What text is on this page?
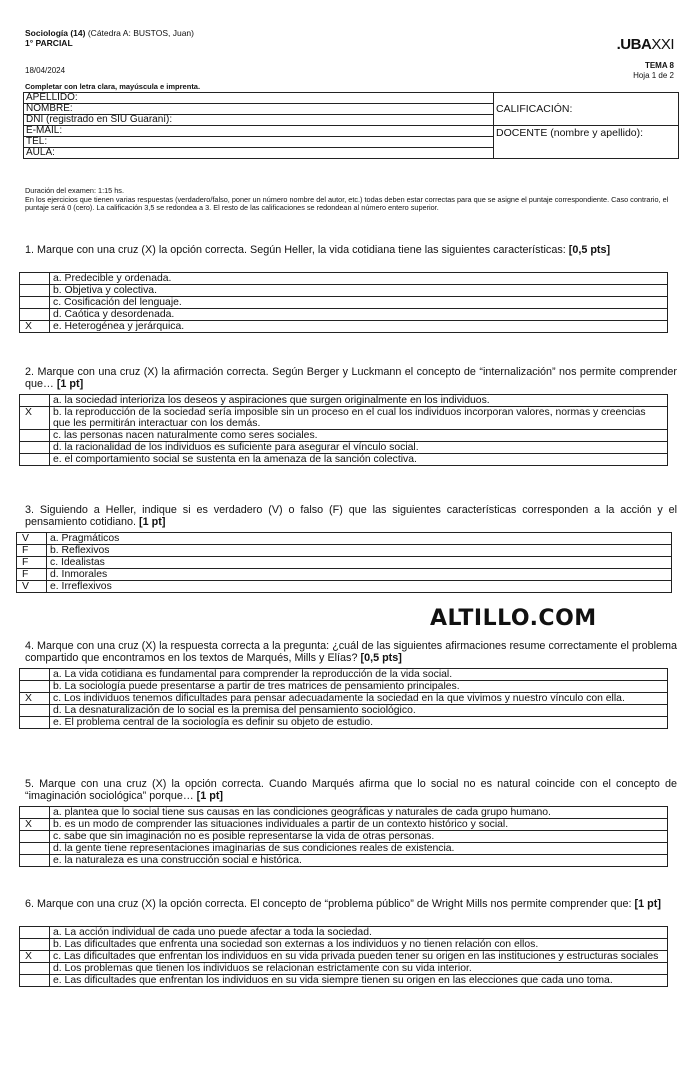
Sociología (14) (Cátedra A: BUSTOS, Juan)
1° PARCIAL	.UBAXXI
18/04/2024
TEMA 8
Hoja 1 de 2
Completar con letra clara, mayúscula e imprenta.
APELLIDO:	CALIFICACIÓN:
NOMBRE:	
DNI (registrado en SIU Guaraní):	
E-MAIL:	DOCENTE (nombre y apellido):
TEL:	
AULA:	
Duración del examen: 1:15 hs.
En los ejercicios que tienen varias respuestas (verdadero/falso, poner un número nombre del autor, etc.) todas deben estar correctas para que se asigne el puntaje correspondiente. Caso contrario, el puntaje será 0 (cero). La calificación 3,5 se redondea a 3. El resto de las calificaciones se redondean al número entero superior.
1. Marque con una cruz (X) la opción correcta. Según Heller, la vida cotidiana tiene las siguientes características: [0,5 pts]
	a. Predecible y ordenada.
	b. Objetiva y colectiva.
	c. Cosificación del lenguaje.
	d. Caótica y desordenada.
X	e. Heterogénea y jerárquica.
2. Marque con una cruz (X) la afirmación correcta. Según Berger y Luckmann el concepto de “internalización” nos permite comprender que… [1 pt]
	a. la sociedad interioriza los deseos y aspiraciones que surgen originalmente en los individuos.
X	b. la reproducción de la sociedad sería imposible sin un proceso en el cual los individuos incorporan valores, normas y creencias que les permitirán interactuar con los demás.
	c. las personas nacen naturalmente como seres sociales.
	d. la racionalidad de los individuos es suficiente para asegurar el vínculo social.
	e. el comportamiento social se sustenta en la amenaza de la sanción colectiva.
3. Siguiendo a Heller, indique si es verdadero (V) o falso (F) que las siguientes características corresponden a la acción y el pensamiento cotidiano. [1 pt]
V	a. Pragmáticos
F	b. Reflexivos
F	c. Idealistas
F	d. Inmorales
V	e. Irreflexivos
ALTILLO.COM
4. Marque con una cruz (X) la respuesta correcta a la pregunta: ¿cuál de las siguientes afirmaciones resume correctamente el problema compartido que encontramos en los textos de Marqués, Mills y Elías? [0,5 pts]
	a. La vida cotidiana es fundamental para comprender la reproducción de la vida social.
	b. La sociología puede presentarse a partir de tres matrices de pensamiento principales.
X	c. Los individuos tenemos dificultades para pensar adecuadamente la sociedad en la que vivimos y nuestro vínculo con ella.
	d. La desnaturalización de lo social es la premisa del pensamiento sociológico.
	e. El problema central de la sociología es definir su objeto de estudio.
5. Marque con una cruz (X) la opción correcta. Cuando Marqués afirma que lo social no es natural coincide con el concepto de “imaginación sociológica” porque… [1 pt]
	a. plantea que lo social tiene sus causas en las condiciones geográficas y naturales de cada grupo humano.
X	b. es un modo de comprender las situaciones individuales a partir de un contexto histórico y social.
	c. sabe que sin imaginación no es posible representarse la vida de otras personas.
	d. la gente tiene representaciones imaginarias de sus condiciones reales de existencia.
	e. la naturaleza es una construcción social e histórica.
6. Marque con una cruz (X) la opción correcta. El concepto de “problema público” de Wright Mills nos permite comprender que: [1 pt]
	a. La acción individual de cada uno puede afectar a toda la sociedad.
	b. Las dificultades que enfrenta una sociedad son externas a los individuos y no tienen relación con ellos.
X	c. Las dificultades que enfrentan los individuos en su vida privada pueden tener su origen en las instituciones y estructuras sociales
	d. Los problemas que tienen los individuos se relacionan estrictamente con su vida interior.
	e. Las dificultades que enfrentan los individuos en su vida siempre tienen su origen en las elecciones que cada uno toma.
